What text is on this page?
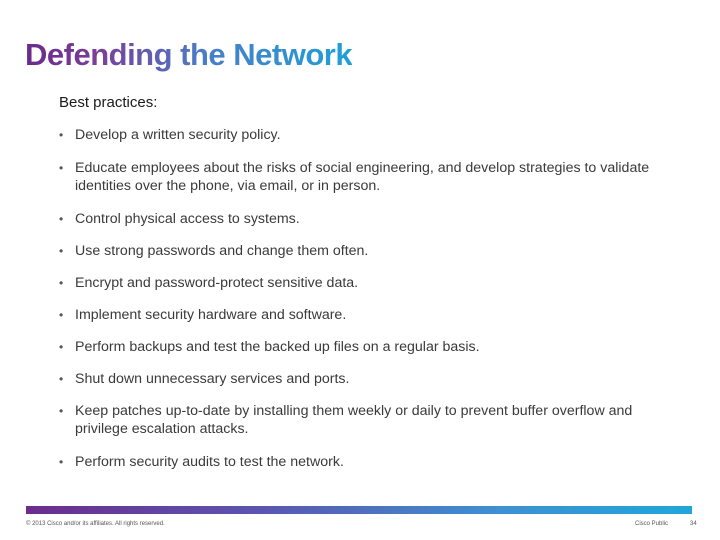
Defending the Network
Best practices:
• Develop a written security policy.
• Educate employees about the risks of social engineering, and develop strategies to validate identities over the phone, via email, or in person.
• Control physical access to systems.
• Use strong passwords and change them often.
• Encrypt and password-protect sensitive data.
• Implement security hardware and software.
• Perform backups and test the backed up files on a regular basis.
• Shut down unnecessary services and ports.
• Keep patches up-to-date by installing them weekly or daily to prevent buffer overflow and privilege escalation attacks.
• Perform security audits to test the network.
© 2013 Cisco and/or its affiliates. All rights reserved.	Cisco Public	34
